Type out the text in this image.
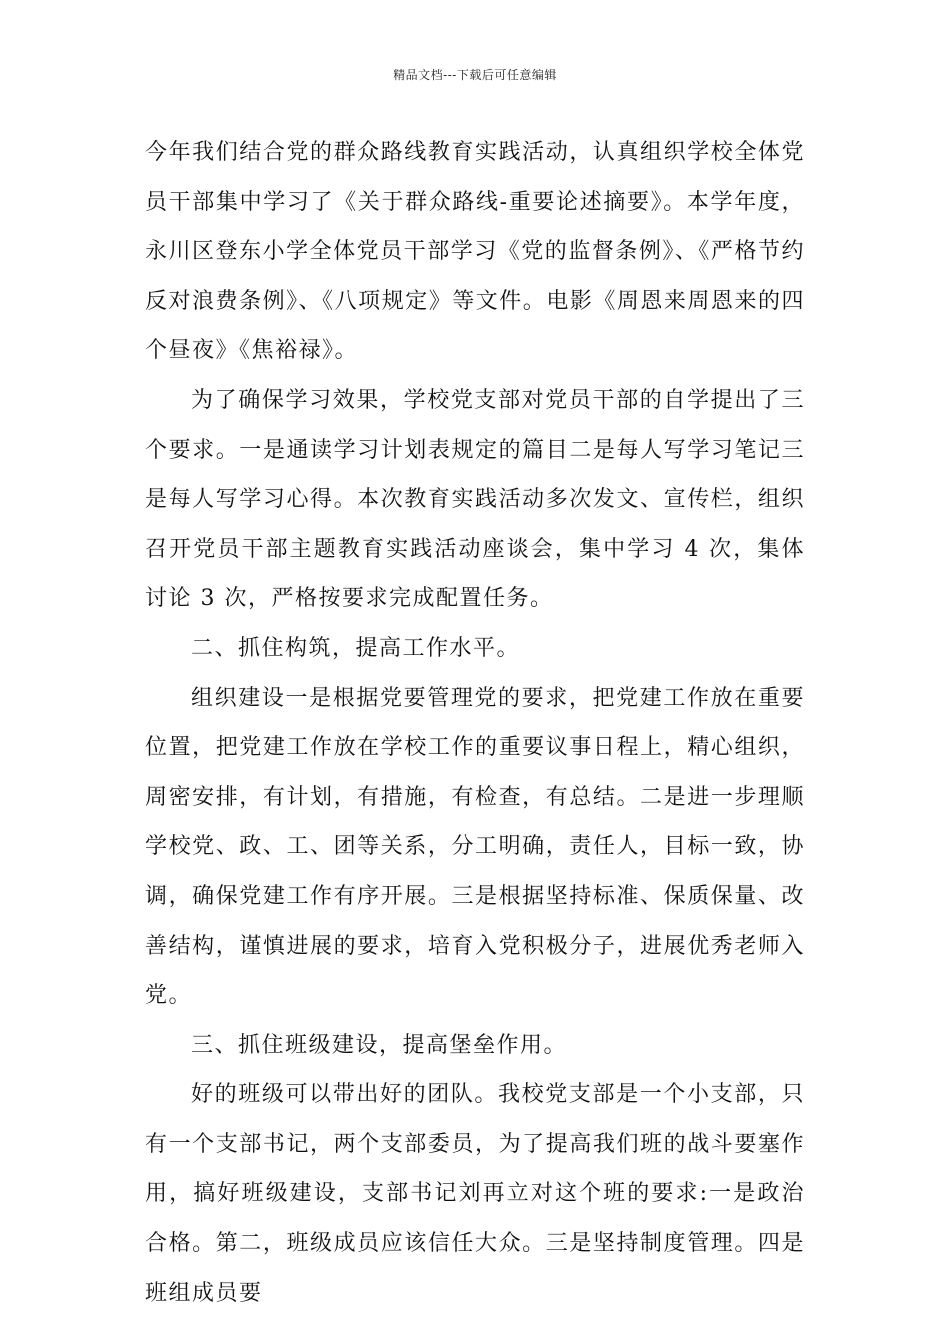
精品文档---下载后可任意编辑

今年我们结合党的群众路线教育实践活动，认真组织学校全体党员干部集中学习了《关于群众路线-重要论述摘要》。本学年度，永川区登东小学全体党员干部学习《党的监督条例》、《严格节约反对浪费条例》、《八项规定》等文件。电影《周恩来周恩来的四个昼夜》《焦裕禄》。

为了确保学习效果，学校党支部对党员干部的自学提出了三个要求。一是通读学习计划表规定的篇目二是每人写学习笔记三是每人写学习心得。本次教育实践活动多次发文、宣传栏，组织召开党员干部主题教育实践活动座谈会，集中学习 4 次，集体讨论 3 次，严格按要求完成配置任务。

二、抓住构筑，提高工作水平。

组织建设一是根据党要管理党的要求，把党建工作放在重要位置，把党建工作放在学校工作的重要议事日程上，精心组织，周密安排，有计划，有措施，有检查，有总结。二是进一步理顺学校党、政、工、团等关系，分工明确，责任人，目标一致，协调，确保党建工作有序开展。三是根据坚持标准、保质保量、改善结构，谨慎进展的要求，培育入党积极分子，进展优秀老师入党。

三、抓住班级建设，提高堡垒作用。

好的班级可以带出好的团队。我校党支部是一个小支部，只有一个支部书记，两个支部委员，为了提高我们班的战斗要塞作用，搞好班级建设，支部书记刘再立对这个班的要求:一是政治合格。第二，班级成员应该信任大众。三是坚持制度管理。四是班组成员要
